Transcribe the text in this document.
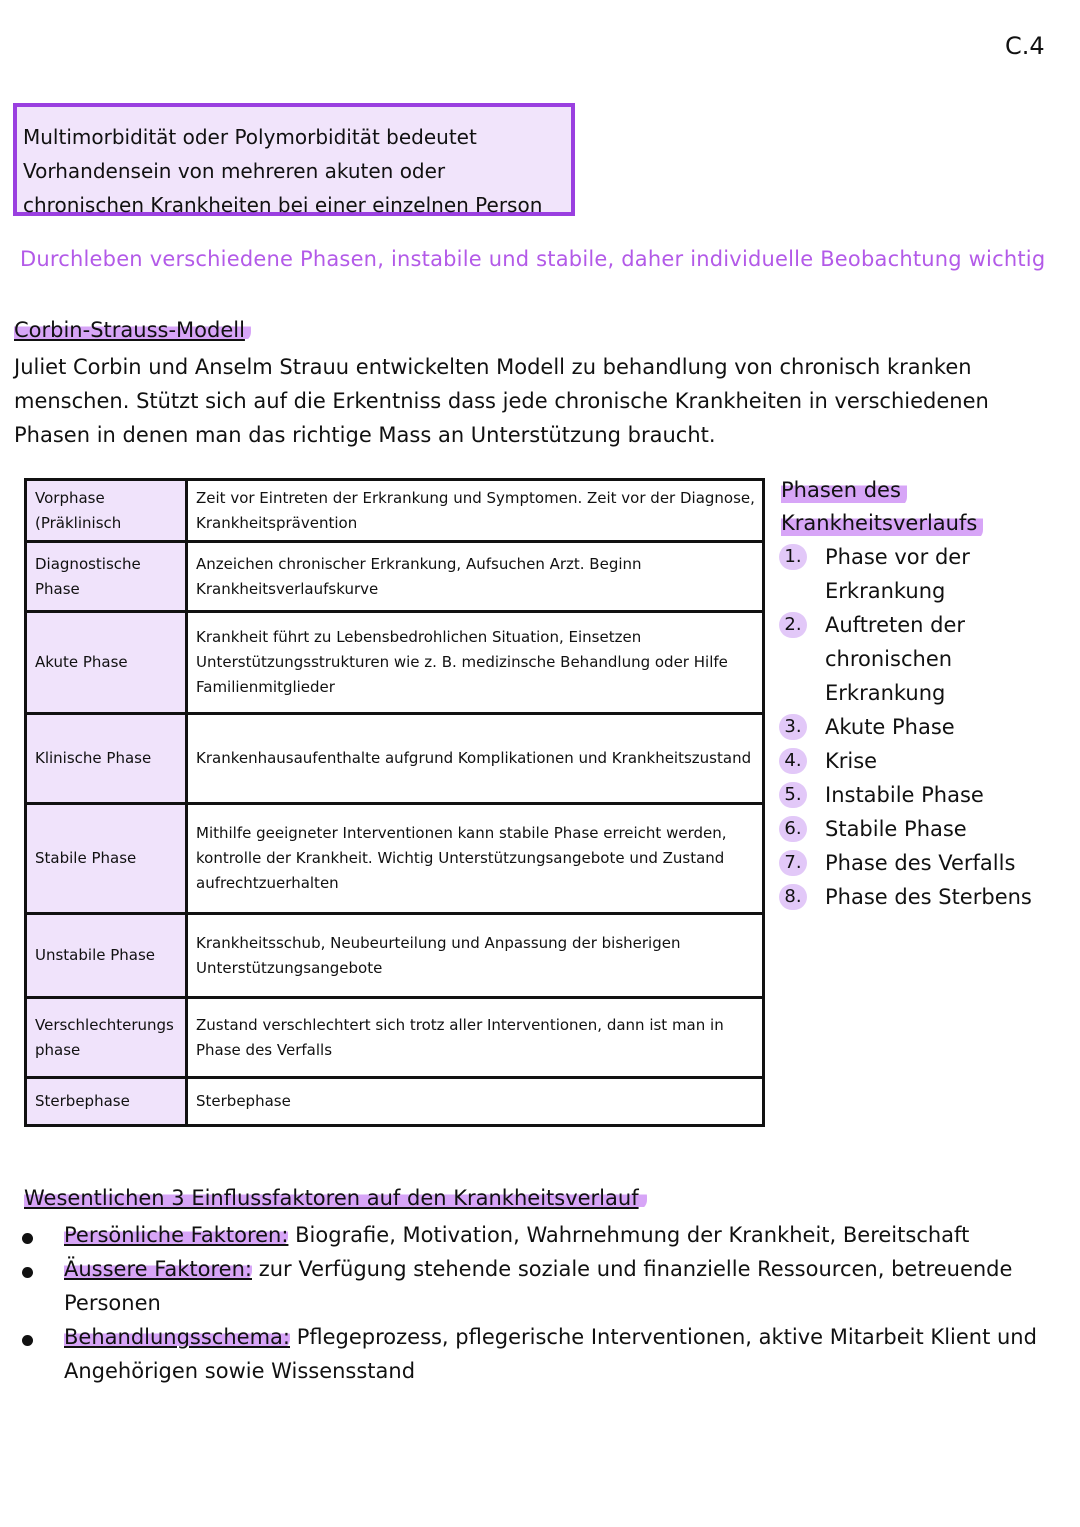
C.4
Multimorbidität oder Polymorbidität bedeutet
Vorhandensein von mehreren akuten oder
chronischen Krankheiten bei einer einzelnen Person
Durchleben verschiedene Phasen, instabile und stabile, daher individuelle Beobachtung wichtig
Corbin-Strauss-Modell
Juliet Corbin und Anselm Strauu entwickelten Modell zu behandlung von chronisch kranken
menschen. Stützt sich auf die Erkentniss dass jede chronische Krankheiten in verschiedenen
Phasen in denen man das richtige Mass an Unterstützung braucht.
Vorphase (Präklinisch	Zeit vor Eintreten der Erkrankung und Symptomen. Zeit vor der Diagnose, Krankheitsprävention
Diagnostische Phase	Anzeichen chronischer Erkrankung, Aufsuchen Arzt. Beginn Krankheitsverlaufskurve
Akute Phase	Krankheit führt zu Lebensbedrohlichen Situation, Einsetzen Unterstützungsstrukturen wie z. B. medizinsche Behandlung oder Hilfe Familienmitglieder
Klinische Phase	Krankenhausaufenthalte aufgrund Komplikationen und Krankheitszustand
Stabile Phase	Mithilfe geeigneter Interventionen kann stabile Phase erreicht werden, kontrolle der Krankheit. Wichtig Unterstützungsangebote und Zustand aufrechtzuerhalten
Unstabile Phase	Krankheitsschub, Neubeurteilung und Anpassung der bisherigen Unterstützungsangebote
Verschlechterungsphase	Zustand verschlechtert sich trotz aller Interventionen, dann ist man in Phase des Verfalls
Sterbephase	Sterbephase
Phasen des
Krankheitsverlaufs
1. Phase vor der Erkrankung
2. Auftreten der chronischen Erkrankung
3. Akute Phase
4. Krise
5. Instabile Phase
6. Stabile Phase
7. Phase des Verfalls
8. Phase des Sterbens
Wesentlichen 3 Einflussfaktoren auf den Krankheitsverlauf
Persönliche Faktoren: Biografie, Motivation, Wahrnehmung der Krankheit, Bereitschaft
Äussere Faktoren: zur Verfügung stehende soziale und finanzielle Ressourcen, betreuende Personen
Behandlungsschema: Pflegeprozess, pflegerische Interventionen, aktive Mitarbeit Klient und Angehörigen sowie Wissensstand
